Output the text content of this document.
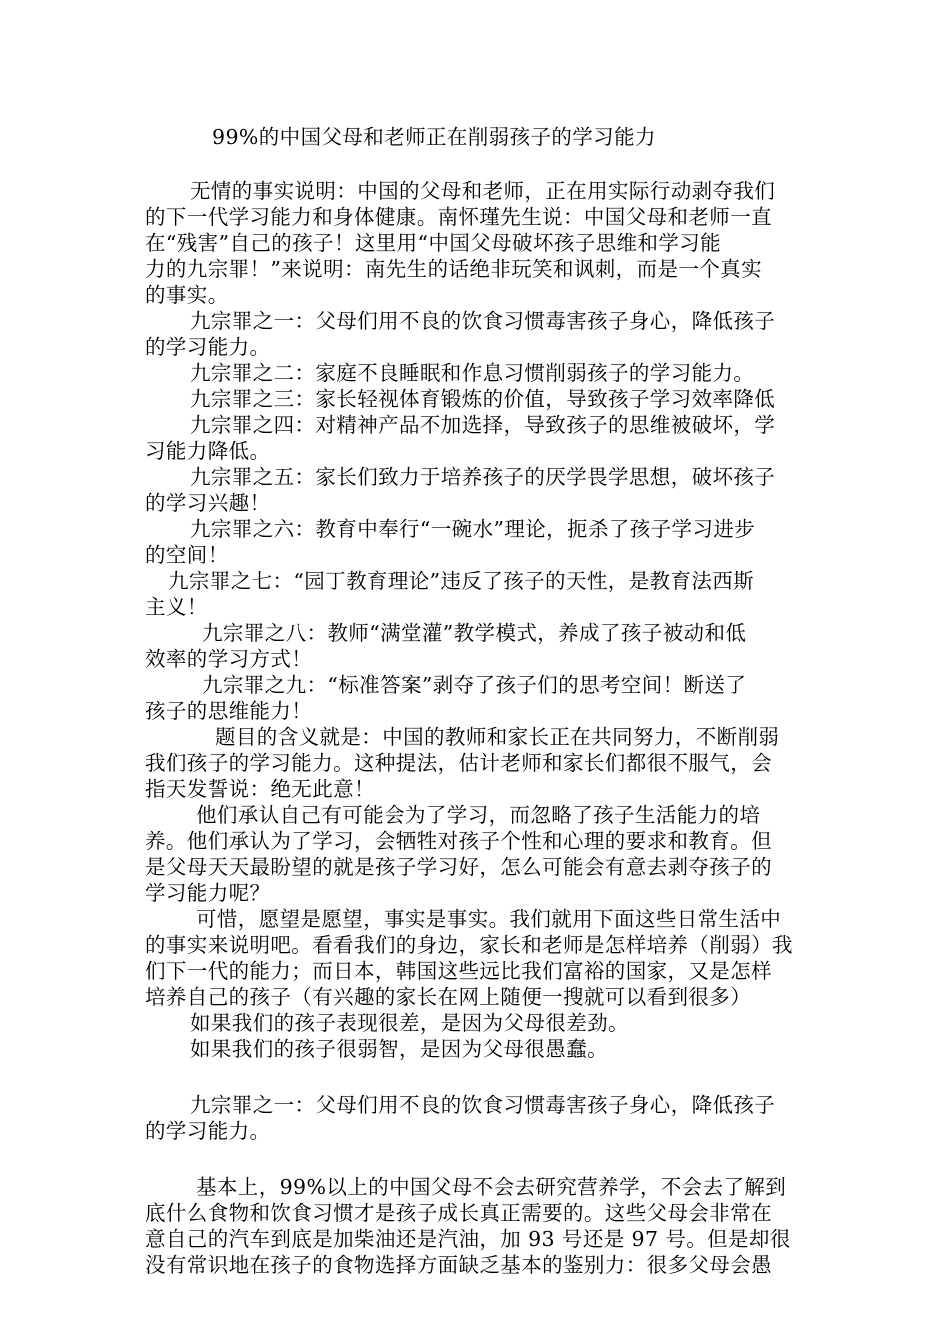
99%的中国父母和老师正在削弱孩子的学习能力

无情的事实说明：中国的父母和老师，正在用实际行动剥夺我们

的下一代学习能力和身体健康。南怀瑾先生说：中国父母和老师一直

在“残害”自己的孩子！这里用“中国父母破坏孩子思维和学习能

力的九宗罪！”来说明：南先生的话绝非玩笑和讽刺，而是一个真实

的事实。

九宗罪之一：父母们用不良的饮食习惯毒害孩子身心，降低孩子

的学习能力。

九宗罪之二：家庭不良睡眠和作息习惯削弱孩子的学习能力。

九宗罪之三：家长轻视体育锻炼的价值，导致孩子学习效率降低

九宗罪之四：对精神产品不加选择，导致孩子的思维被破坏，学

习能力降低。

九宗罪之五：家长们致力于培养孩子的厌学畏学思想，破坏孩子

的学习兴趣！

九宗罪之六：教育中奉行“一碗水”理论，扼杀了孩子学习进步

的空间！

九宗罪之七：“园丁教育理论”违反了孩子的天性，是教育法西斯

主义！

九宗罪之八：教师“满堂灌”教学模式，养成了孩子被动和低

效率的学习方式！

九宗罪之九：“标准答案”剥夺了孩子们的思考空间！断送了

孩子的思维能力！

题目的含义就是：中国的教师和家长正在共同努力，不断削弱

我们孩子的学习能力。这种提法，估计老师和家长们都很不服气，会

指天发誓说：绝无此意！

他们承认自己有可能会为了学习，而忽略了孩子生活能力的培

养。他们承认为了学习，会牺牲对孩子个性和心理的要求和教育。但

是父母天天最盼望的就是孩子学习好，怎么可能会有意去剥夺孩子的

学习能力呢？

可惜，愿望是愿望，事实是事实。我们就用下面这些日常生活中

的事实来说明吧。看看我们的身边，家长和老师是怎样培养（削弱）我

们下一代的能力；而日本，韩国这些远比我们富裕的国家，又是怎样

培养自己的孩子（有兴趣的家长在网上随便一搜就可以看到很多）

如果我们的孩子表现很差，是因为父母很差劲。

如果我们的孩子很弱智，是因为父母很愚蠢。

九宗罪之一：父母们用不良的饮食习惯毒害孩子身心，降低孩子

的学习能力。

基本上，99%以上的中国父母不会去研究营养学，不会去了解到

底什么食物和饮食习惯才是孩子成长真正需要的。这些父母会非常在

意自己的汽车到底是加柴油还是汽油，加 93 号还是 97 号。但是却很

没有常识地在孩子的食物选择方面缺乏基本的鉴别力：很多父母会愚
